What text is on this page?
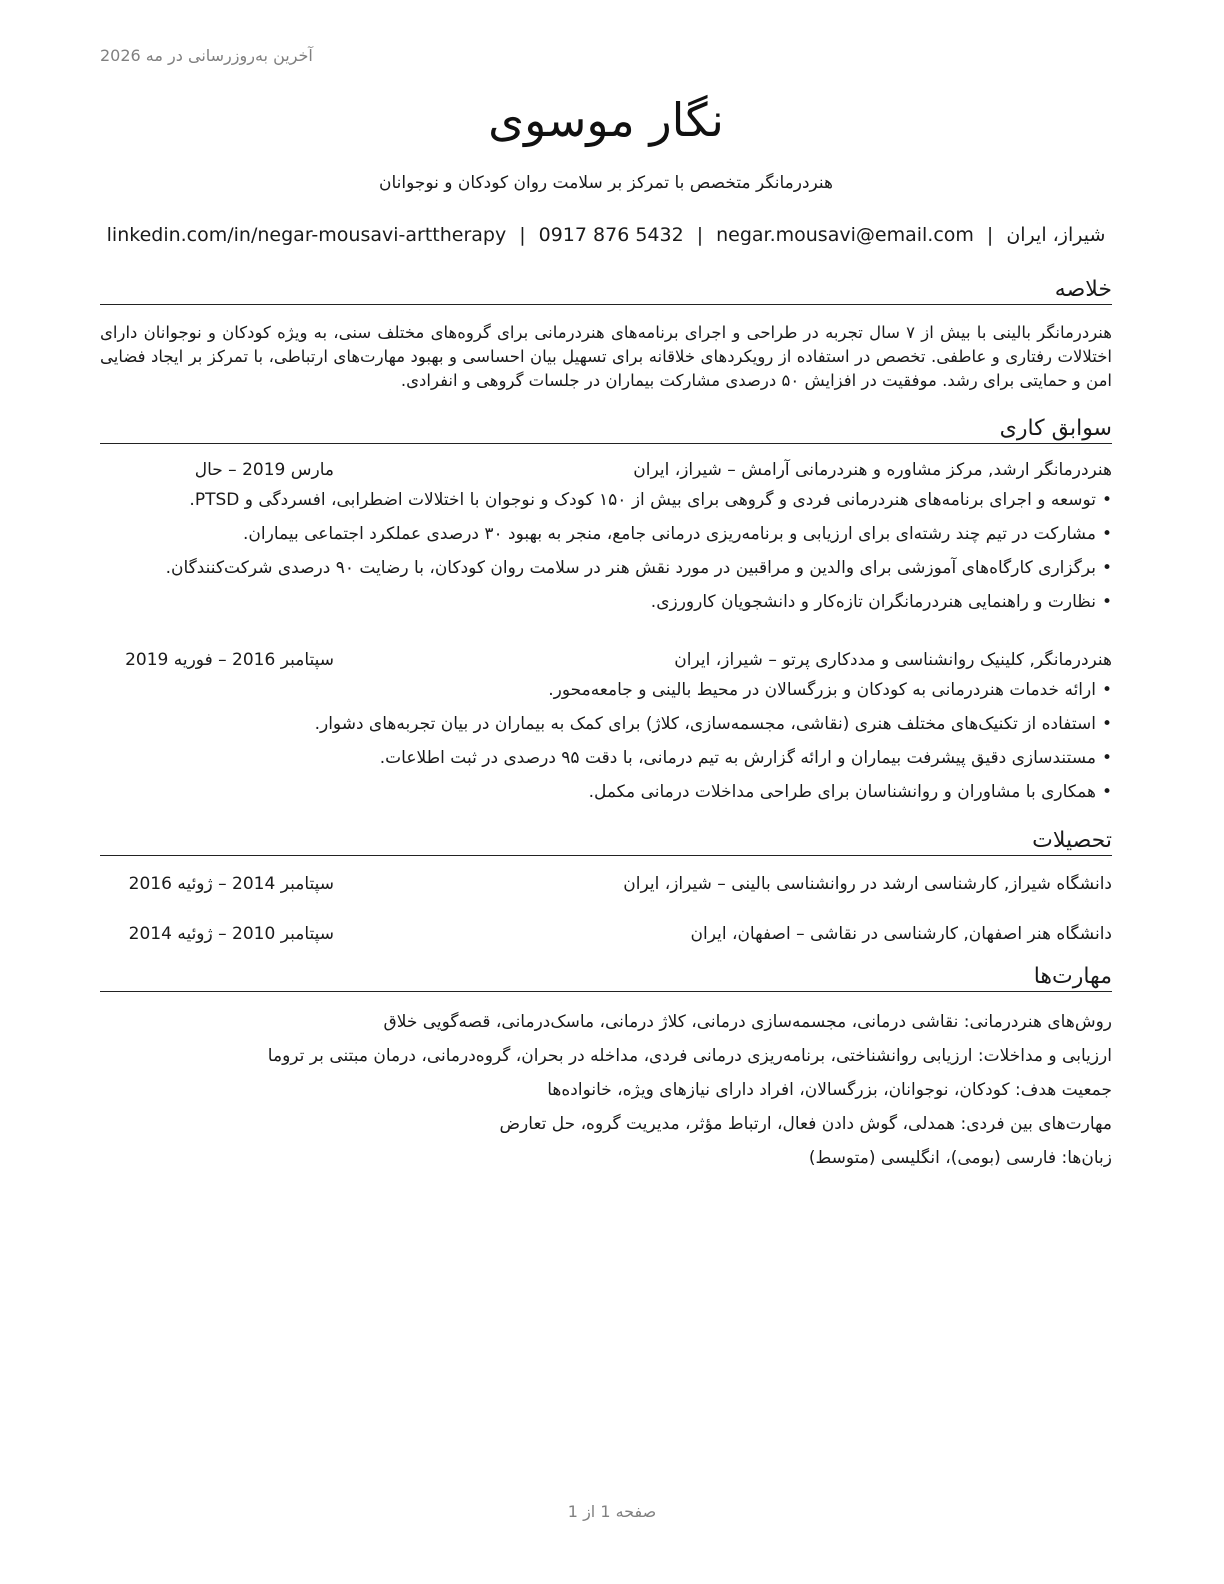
آخرین به‌روزرسانی در مه 2026
نگار موسوی
هنردرمانگر متخصص با تمرکز بر سلامت روان کودکان و نوجوانان
شیراز، ایران|negar.mousavi@email.com|0917 876 5432|linkedin.com/in/negar-mousavi-arttherapy
خلاصه
هنردرمانگر بالینی با بیش از ۷ سال تجربه در طراحی و اجرای برنامه‌های هنردرمانی برای گروه‌های مختلف سنی، به ویژه کودکان و نوجوانان دارای اختلالات رفتاری و عاطفی. تخصص در استفاده از رویکردهای خلاقانه برای تسهیل بیان احساسی و بهبود مهارت‌های ارتباطی، با تمرکز بر ایجاد فضایی امن و حمایتی برای رشد. موفقیت در افزایش ۵۰ درصدی مشارکت بیماران در جلسات گروهی و انفرادی.
سوابق کاری
هنردرمانگر ارشد, مرکز مشاوره و هنردرمانی آرامش – شیراز، ایران
مارس 2019 – حال
• توسعه و اجرای برنامه‌های هنردرمانی فردی و گروهی برای بیش از ۱۵۰ کودک و نوجوان با اختلالات اضطرابی، افسردگی و PTSD.
• مشارکت در تیم چند رشته‌ای برای ارزیابی و برنامه‌ریزی درمانی جامع، منجر به بهبود ۳۰ درصدی عملکرد اجتماعی بیماران.
• برگزاری کارگاه‌های آموزشی برای والدین و مراقبین در مورد نقش هنر در سلامت روان کودکان، با رضایت ۹۰ درصدی شرکت‌کنندگان.
• نظارت و راهنمایی هنردرمانگران تازه‌کار و دانشجویان کارورزی.
هنردرمانگر, کلینیک روانشناسی و مددکاری پرتو – شیراز، ایران
سپتامبر 2016 – فوریه 2019
• ارائه خدمات هنردرمانی به کودکان و بزرگسالان در محیط بالینی و جامعه‌محور.
• استفاده از تکنیک‌های مختلف هنری (نقاشی، مجسمه‌سازی، کلاژ) برای کمک به بیماران در بیان تجربه‌های دشوار.
• مستندسازی دقیق پیشرفت بیماران و ارائه گزارش به تیم درمانی، با دقت ۹۵ درصدی در ثبت اطلاعات.
• همکاری با مشاوران و روانشناسان برای طراحی مداخلات درمانی مکمل.
تحصیلات
دانشگاه شیراز, کارشناسی ارشد در روانشناسی بالینی – شیراز، ایران
سپتامبر 2014 – ژوئیه 2016
دانشگاه هنر اصفهان, کارشناسی در نقاشی – اصفهان، ایران
سپتامبر 2010 – ژوئیه 2014
مهارت‌ها
روش‌های هنردرمانی: نقاشی درمانی، مجسمه‌سازی درمانی، کلاژ درمانی، ماسک‌درمانی، قصه‌گویی خلاق
ارزیابی و مداخلات: ارزیابی روانشناختی، برنامه‌ریزی درمانی فردی، مداخله در بحران، گروه‌درمانی، درمان مبتنی بر تروما
جمعیت هدف: کودکان، نوجوانان، بزرگسالان، افراد دارای نیازهای ویژه، خانواده‌ها
مهارت‌های بین فردی: همدلی، گوش دادن فعال، ارتباط مؤثر، مدیریت گروه، حل تعارض
زبان‌ها: فارسی (بومی)، انگلیسی (متوسط)
صفحه 1 از 1
